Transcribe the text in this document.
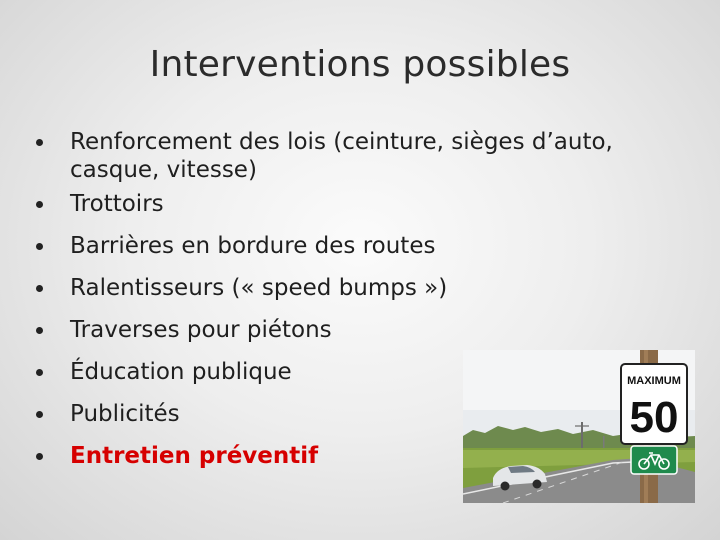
Interventions possibles
Renforcement des lois (ceinture, sièges d’auto, casque, vitesse)
Trottoirs
Barrières en bordure des routes
Ralentisseurs (« speed bumps »)
Traverses pour piétons
Éducation publique
Publicités
Entretien préventif
MAXIMUM
50
